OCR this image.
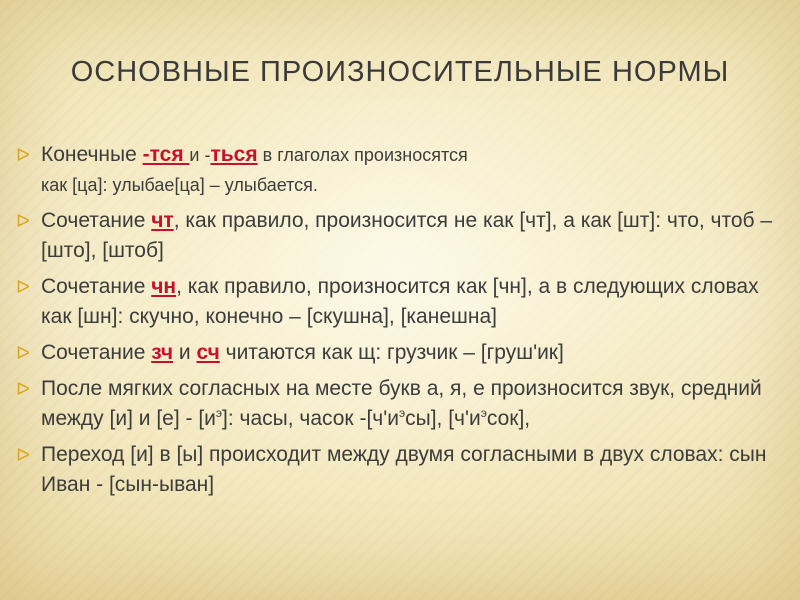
ОСНОВНЫЕ ПРОИЗНОСИТЕЛЬНЫЕ НОРМЫ
ᐅ Конечные -тся и -ться в глаголах произносятся
как [ца]: улыбае[ца] – улыбается.
ᐅ Сочетание чт, как правило, произносится не как [чт], а как [шт]: что, чтоб – [што], [штоб]
ᐅ Сочетание чн, как правило, произносится как [чн], а в следующих словах как [шн]: скучно, конечно – [скушна], [канешна]
ᐅ Сочетание зч и сч читаются как щ: грузчик – [груш'ик]
ᐅ После мягких согласных на месте букв а, я, е произносится звук, средний между [и] и $[е] - [и^э]$: часы, часок $-[ч'и^эсы]$, $[ч'и^эсок]$,
ᐅ Переход [и] в [ы] происходит между двумя согласными в двух словах: сын Иван - [сын-ыван]
